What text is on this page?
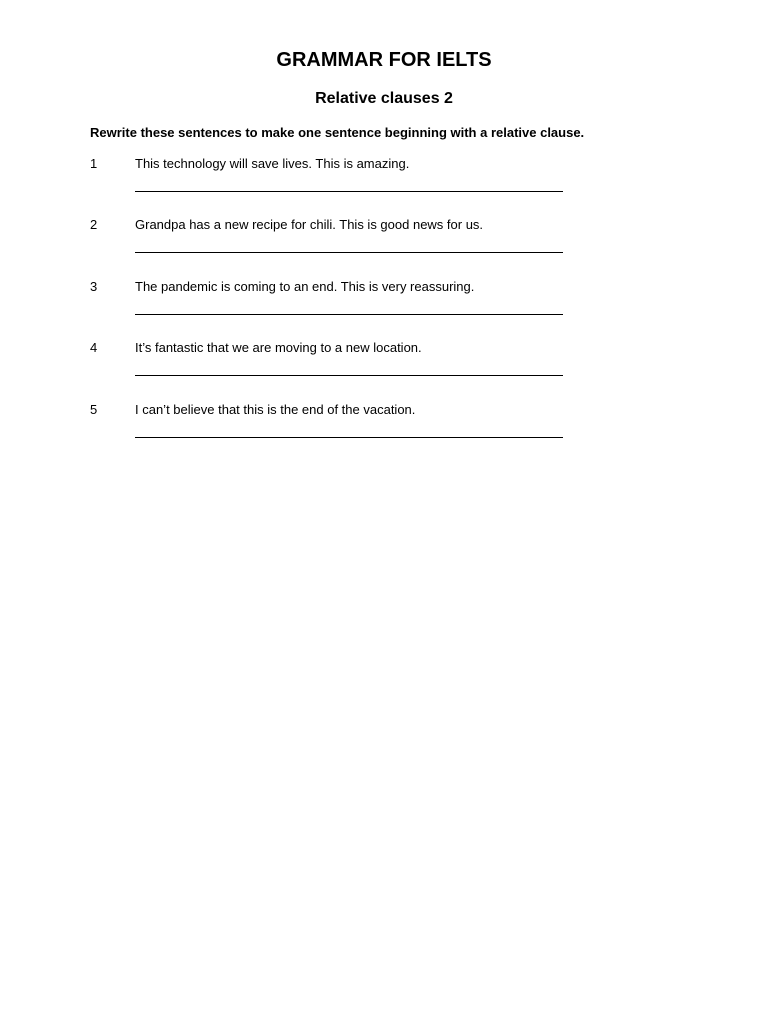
GRAMMAR FOR IELTS
Relative clauses 2
Rewrite these sentences to make one sentence beginning with a relative clause.
1	This technology will save lives. This is amazing.
2	Grandpa has a new recipe for chili. This is good news for us.
3	The pandemic is coming to an end. This is very reassuring.
4	It’s fantastic that we are moving to a new location.
5	I can’t believe that this is the end of the vacation.
